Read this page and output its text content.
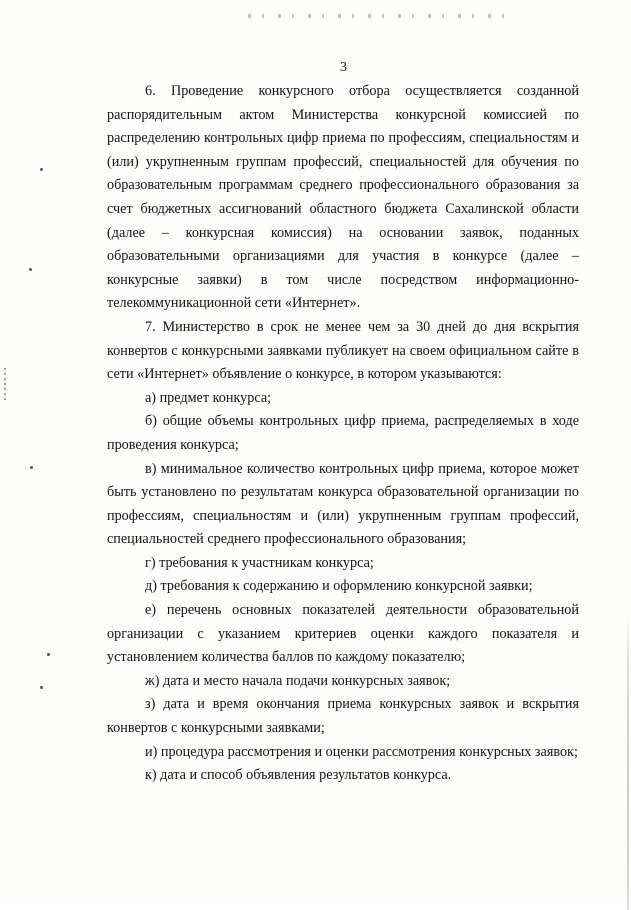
3

6. Проведение конкурсного отбора осуществляется созданной распорядительным актом Министерства конкурсной комиссией по распределению контрольных цифр приема по профессиям, специальностям и (или) укрупненным группам профессий, специальностей для обучения по образовательным программам среднего профессионального образования за счет бюджетных ассигнований областного бюджета Сахалинской области (далее – конкурсная комиссия) на основании заявок, поданных образовательными организациями для участия в конкурсе (далее – конкурсные заявки) в том числе посредством информационно-телекоммуникационной сети «Интернет».

7. Министерство в срок не менее чем за 30 дней до дня вскрытия конвертов с конкурсными заявками публикует на своем официальном сайте в сети «Интернет» объявление о конкурсе, в котором указываются:

а) предмет конкурса;

б) общие объемы контрольных цифр приема, распределяемых в ходе проведения конкурса;

в) минимальное количество контрольных цифр приема, которое может быть установлено по результатам конкурса образовательной организации по профессиям, специальностям и (или) укрупненным группам профессий, специальностей среднего профессионального образования;

г) требования к участникам конкурса;

д) требования к содержанию и оформлению конкурсной заявки;

е) перечень основных показателей деятельности образовательной организации с указанием критериев оценки каждого показателя и установлением количества баллов по каждому показателю;

ж) дата и место начала подачи конкурсных заявок;

з) дата и время окончания приема конкурсных заявок и вскрытия конвертов с конкурсными заявками;

и) процедура рассмотрения и оценки рассмотрения конкурсных заявок;

к) дата и способ объявления результатов конкурса.
